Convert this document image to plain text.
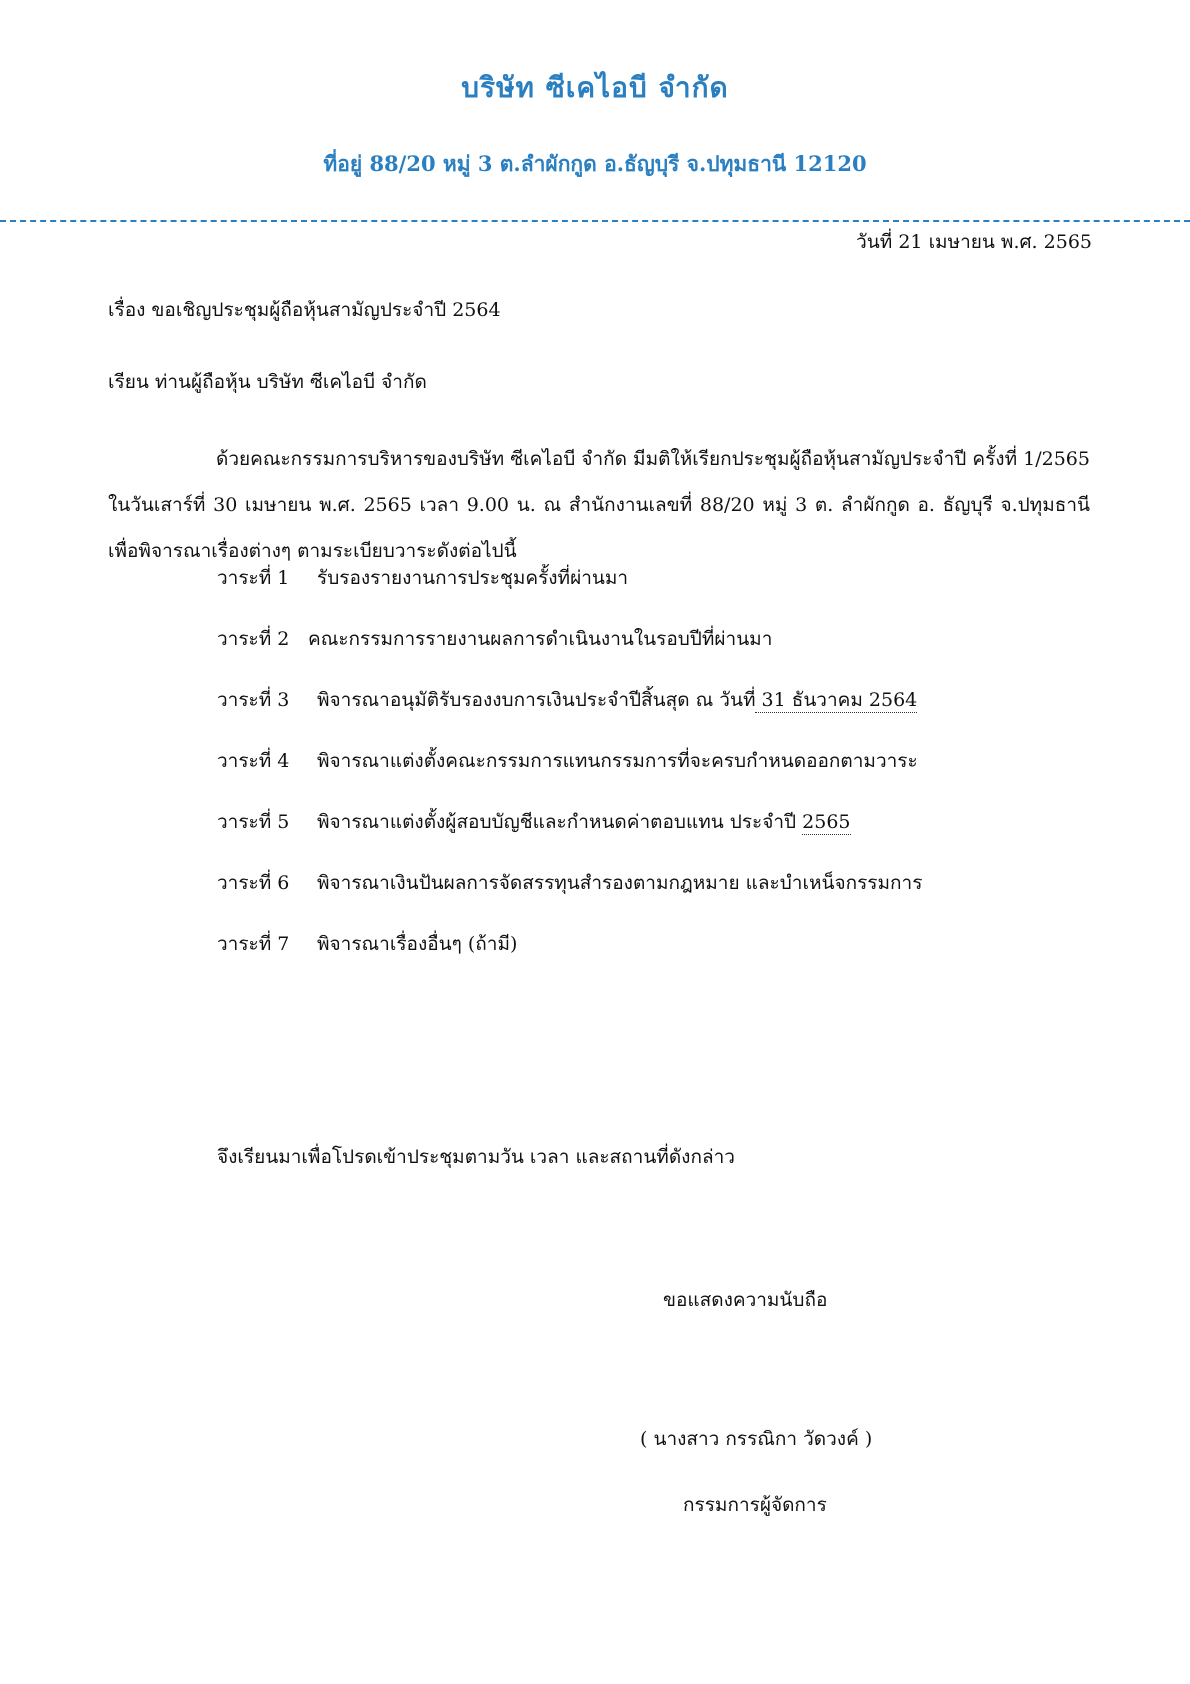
บริษัท ซีเคไอบี จำกัด
ที่อยู่ 88/20 หมู่ 3 ต.ลำผักกูด อ.ธัญบุรี จ.ปทุมธานี 12120
วันที่ 21 เมษายน พ.ศ. 2565
เรื่อง ขอเชิญประชุมผู้ถือหุ้นสามัญประจำปี 2564
เรียน ท่านผู้ถือหุ้น บริษัท ซีเคไอบี จำกัด
ด้วยคณะกรรมการบริหารของบริษัท ซีเคไอบี จำกัด มีมติให้เรียกประชุมผู้ถือหุ้นสามัญประจำปี ครั้งที่ 1/2565 ในวันเสาร์ที่ 30 เมษายน พ.ศ. 2565 เวลา 9.00 น. ณ สำนักงานเลขที่ 88/20 หมู่ 3 ต. ลำผักกูด อ. ธัญบุรี จ.ปทุมธานี เพื่อพิจารณาเรื่องต่างๆ ตามระเบียบวาระดังต่อไปนี้
วาระที่ 1 รับรองรายงานการประชุมครั้งที่ผ่านมา
วาระที่ 2 คณะกรรมการรายงานผลการดำเนินงานในรอบปีที่ผ่านมา
วาระที่ 3 พิจารณาอนุมัติรับรองงบการเงินประจำปีสิ้นสุด ณ วันที่ 31 ธันวาคม 2564
วาระที่ 4 พิจารณาแต่งตั้งคณะกรรมการแทนกรรมการที่จะครบกำหนดออกตามวาระ
วาระที่ 5 พิจารณาแต่งตั้งผู้สอบบัญชีและกำหนดค่าตอบแทน ประจำปี 2565
วาระที่ 6 พิจารณาเงินปันผลการจัดสรรทุนสำรองตามกฎหมาย และบำเหน็จกรรมการ
วาระที่ 7 พิจารณาเรื่องอื่นๆ (ถ้ามี)
จึงเรียนมาเพื่อโปรดเข้าประชุมตามวัน เวลา และสถานที่ดังกล่าว
ขอแสดงความนับถือ
( นางสาว กรรณิกา วัดวงค์ )
กรรมการผู้จัดการ
